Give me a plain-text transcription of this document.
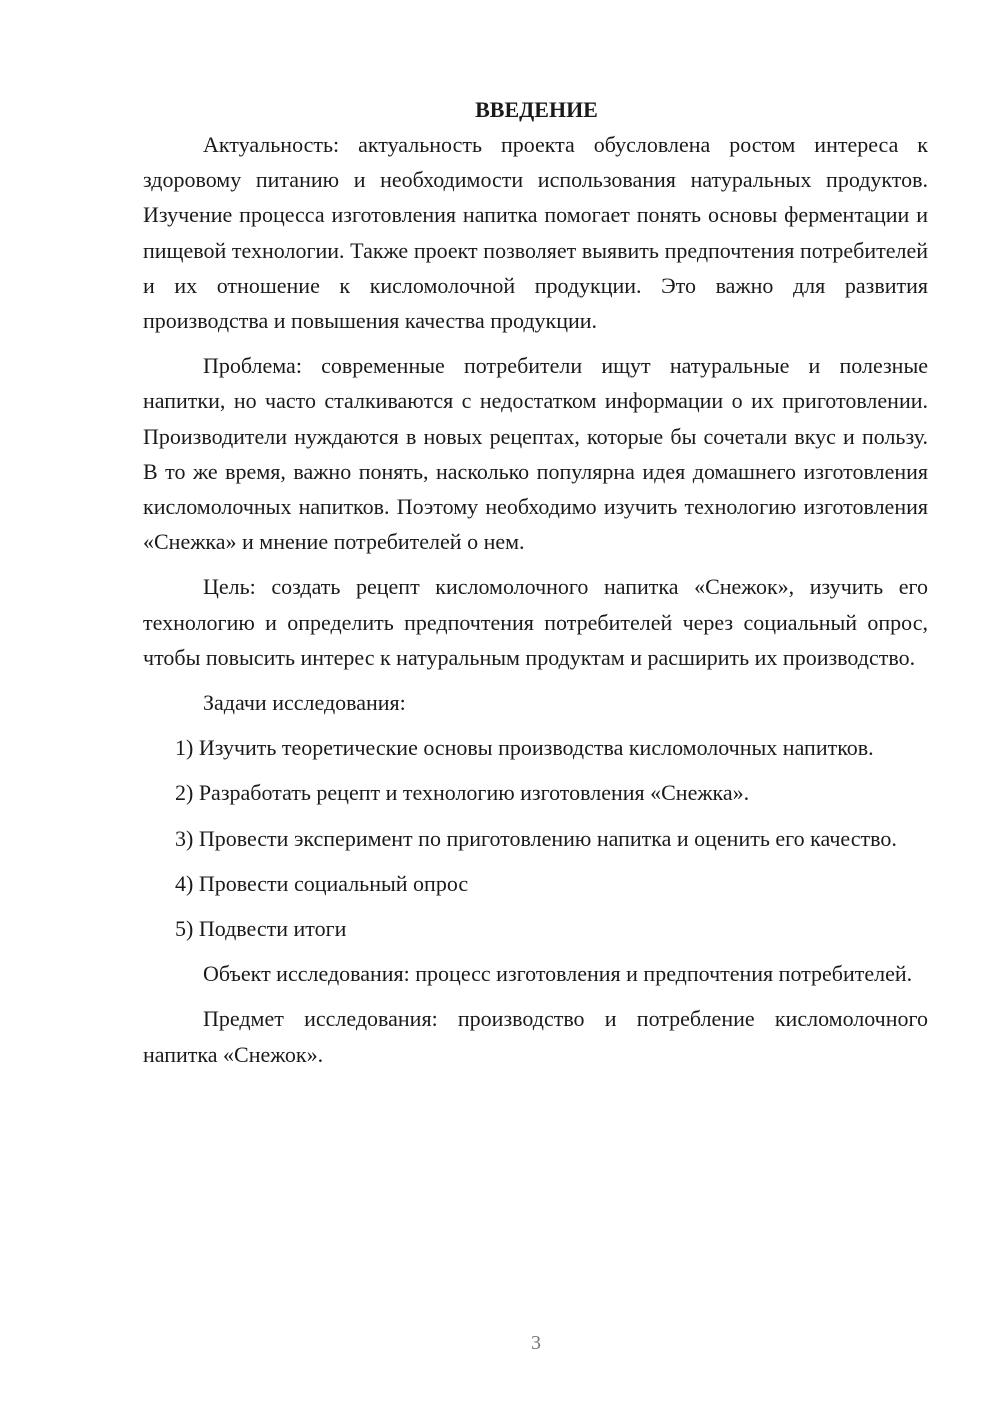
ВВЕДЕНИЕ

Актуальность: актуальность проекта обусловлена ростом интереса к здоровому питанию и необходимости использования натуральных продуктов. Изучение процесса изготовления напитка помогает понять основы ферментации и пищевой технологии. Также проект позволяет выявить предпочтения потребителей и их отношение к кисломолочной продукции. Это важно для развития производства и повышения качества продукции.

Проблема: современные потребители ищут натуральные и полезные напитки, но часто сталкиваются с недостатком информации о их приготовлении. Производители нуждаются в новых рецептах, которые бы сочетали вкус и пользу. В то же время, важно понять, насколько популярна идея домашнего изготовления кисломолочных напитков. Поэтому необходимо изучить технологию изготовления «Снежка» и мнение потребителей о нем.

Цель: создать рецепт кисломолочного напитка «Снежок», изучить его технологию и определить предпочтения потребителей через социальный опрос, чтобы повысить интерес к натуральным продуктам и расширить их производство.

Задачи исследования:

1) Изучить теоретические основы производства кисломолочных напитков.

2) Разработать рецепт и технологию изготовления «Снежка».

3) Провести эксперимент по приготовлению напитка и оценить его качество.

4) Провести социальный опрос

5) Подвести итоги

Объект исследования: процесс изготовления и предпочтения потребителей.

Предмет исследования: производство и потребление кисломолочного напитка «Снежок».

3
